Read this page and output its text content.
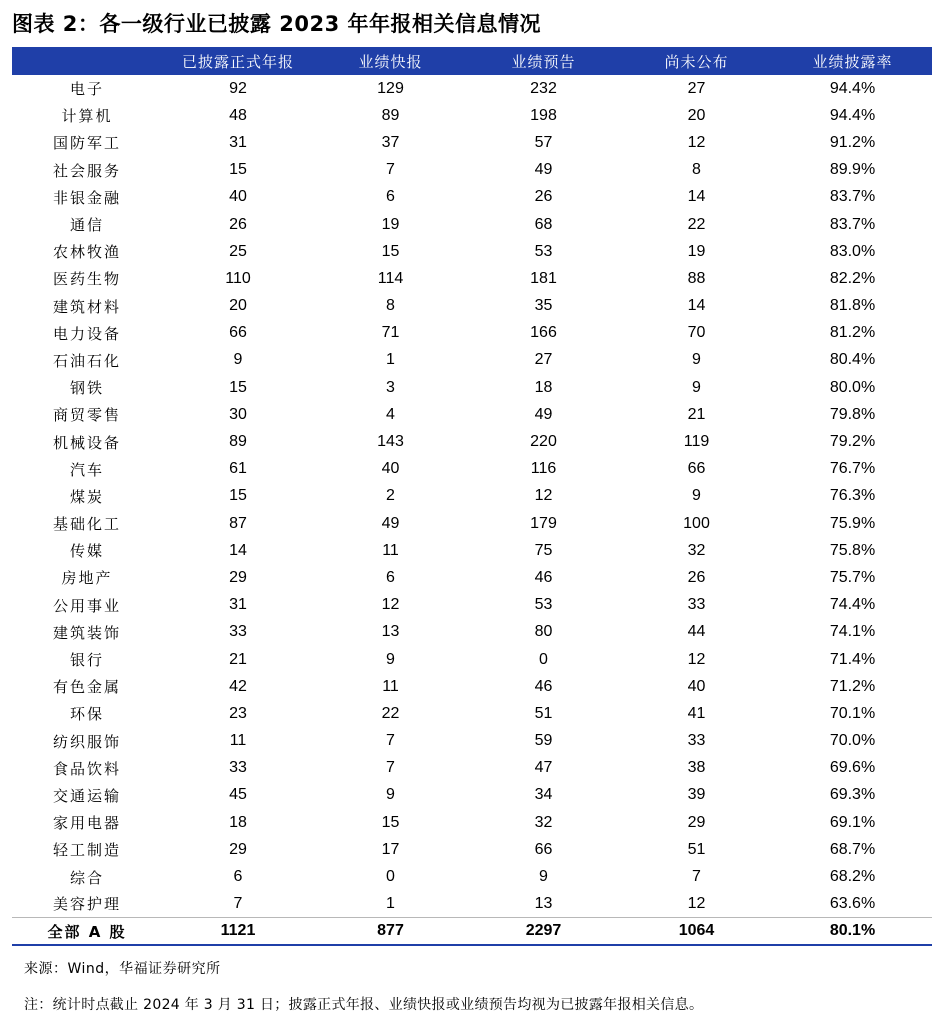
图表 2：各一级行业已披露 2023 年年报相关信息情况
	已披露正式年报	业绩快报	业绩预告	尚未公布	业绩披露率
电子	92	129	232	27	94.4%
计算机	48	89	198	20	94.4%
国防军工	31	37	57	12	91.2%
社会服务	15	7	49	8	89.9%
非银金融	40	6	26	14	83.7%
通信	26	19	68	22	83.7%
农林牧渔	25	15	53	19	83.0%
医药生物	110	114	181	88	82.2%
建筑材料	20	8	35	14	81.8%
电力设备	66	71	166	70	81.2%
石油石化	9	1	27	9	80.4%
钢铁	15	3	18	9	80.0%
商贸零售	30	4	49	21	79.8%
机械设备	89	143	220	119	79.2%
汽车	61	40	116	66	76.7%
煤炭	15	2	12	9	76.3%
基础化工	87	49	179	100	75.9%
传媒	14	11	75	32	75.8%
房地产	29	6	46	26	75.7%
公用事业	31	12	53	33	74.4%
建筑装饰	33	13	80	44	74.1%
银行	21	9	0	12	71.4%
有色金属	42	11	46	40	71.2%
环保	23	22	51	41	70.1%
纺织服饰	11	7	59	33	70.0%
食品饮料	33	7	47	38	69.6%
交通运输	45	9	34	39	69.3%
家用电器	18	15	32	29	69.1%
轻工制造	29	17	66	51	68.7%
综合	6	0	9	7	68.2%
美容护理	7	1	13	12	63.6%
全部 A 股	1121	877	2297	1064	80.1%
来源：Wind，华福证券研究所
注：统计时点截止 2024 年 3 月 31 日；披露正式年报、业绩快报或业绩预告均视为已披露年报相关信息。
